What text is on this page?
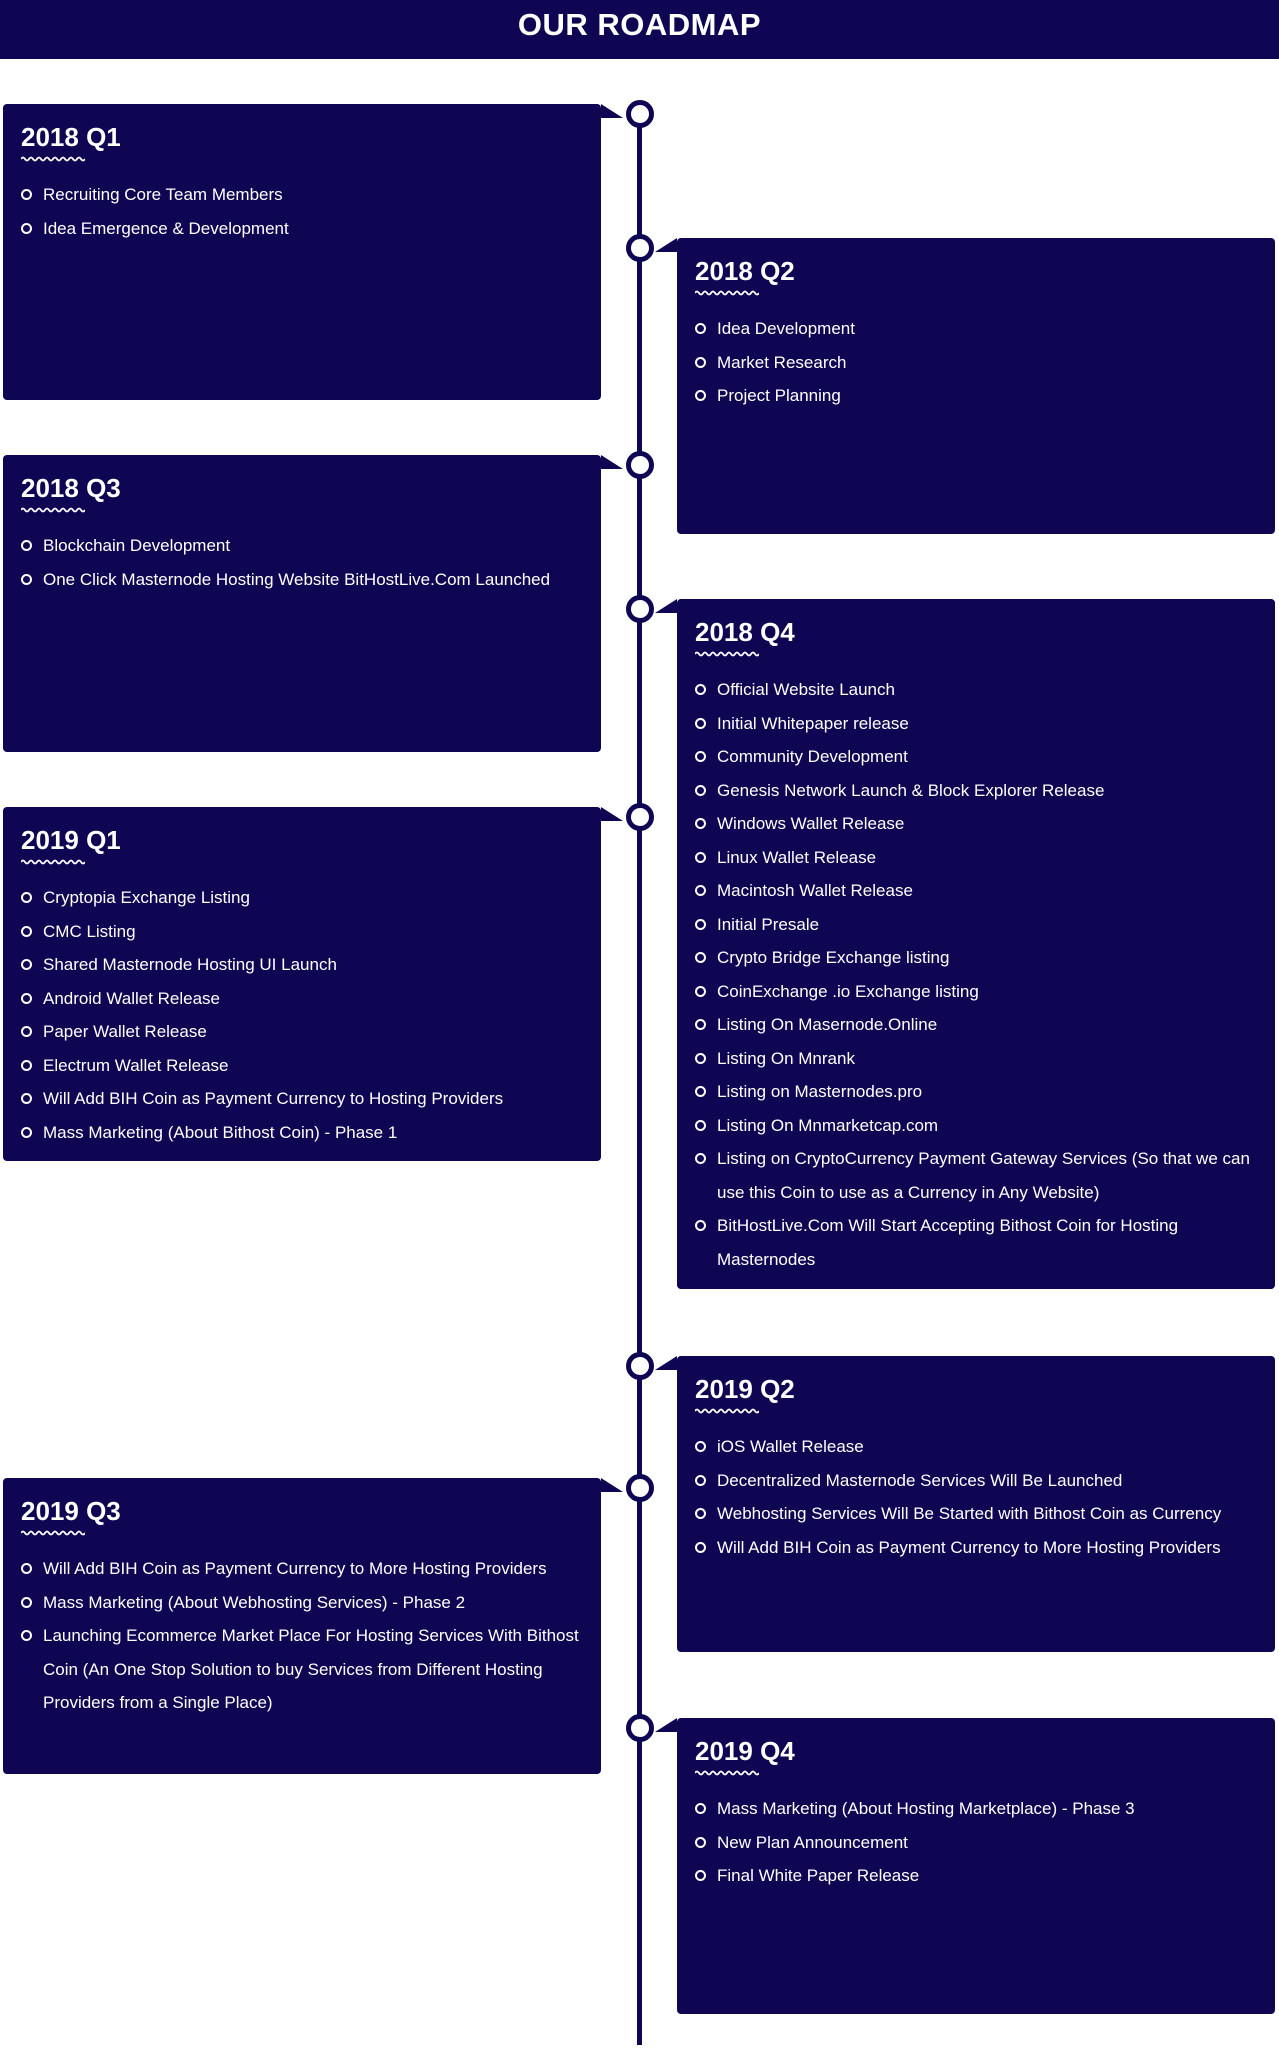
OUR ROADMAP
2018 Q1
Recruiting Core Team Members
Idea Emergence & Development
2018 Q2
Idea Development
Market Research
Project Planning
2018 Q3
Blockchain Development
One Click Masternode Hosting Website BitHostLive.Com Launched
2018 Q4
Official Website Launch
Initial Whitepaper release
Community Development
Genesis Network Launch & Block Explorer Release
Windows Wallet Release
Linux Wallet Release
Macintosh Wallet Release
Initial Presale
Crypto Bridge Exchange listing
CoinExchange .io Exchange listing
Listing On Masernode.Online
Listing On Mnrank
Listing on Masternodes.pro
Listing On Mnmarketcap.com
Listing on CryptoCurrency Payment Gateway Services (So that we can use this Coin to use as a Currency in Any Website)
BitHostLive.Com Will Start Accepting Bithost Coin for Hosting Masternodes
2019 Q1
Cryptopia Exchange Listing
CMC Listing
Shared Masternode Hosting UI Launch
Android Wallet Release
Paper Wallet Release
Electrum Wallet Release
Will Add BIH Coin as Payment Currency to Hosting Providers
Mass Marketing (About Bithost Coin) - Phase 1
2019 Q2
iOS Wallet Release
Decentralized Masternode Services Will Be Launched
Webhosting Services Will Be Started with Bithost Coin as Currency
Will Add BIH Coin as Payment Currency to More Hosting Providers
2019 Q3
Will Add BIH Coin as Payment Currency to More Hosting Providers
Mass Marketing (About Webhosting Services) - Phase 2
Launching Ecommerce Market Place For Hosting Services With Bithost Coin (An One Stop Solution to buy Services from Different Hosting Providers from a Single Place)
2019 Q4
Mass Marketing (About Hosting Marketplace) - Phase 3
New Plan Announcement
Final White Paper Release
